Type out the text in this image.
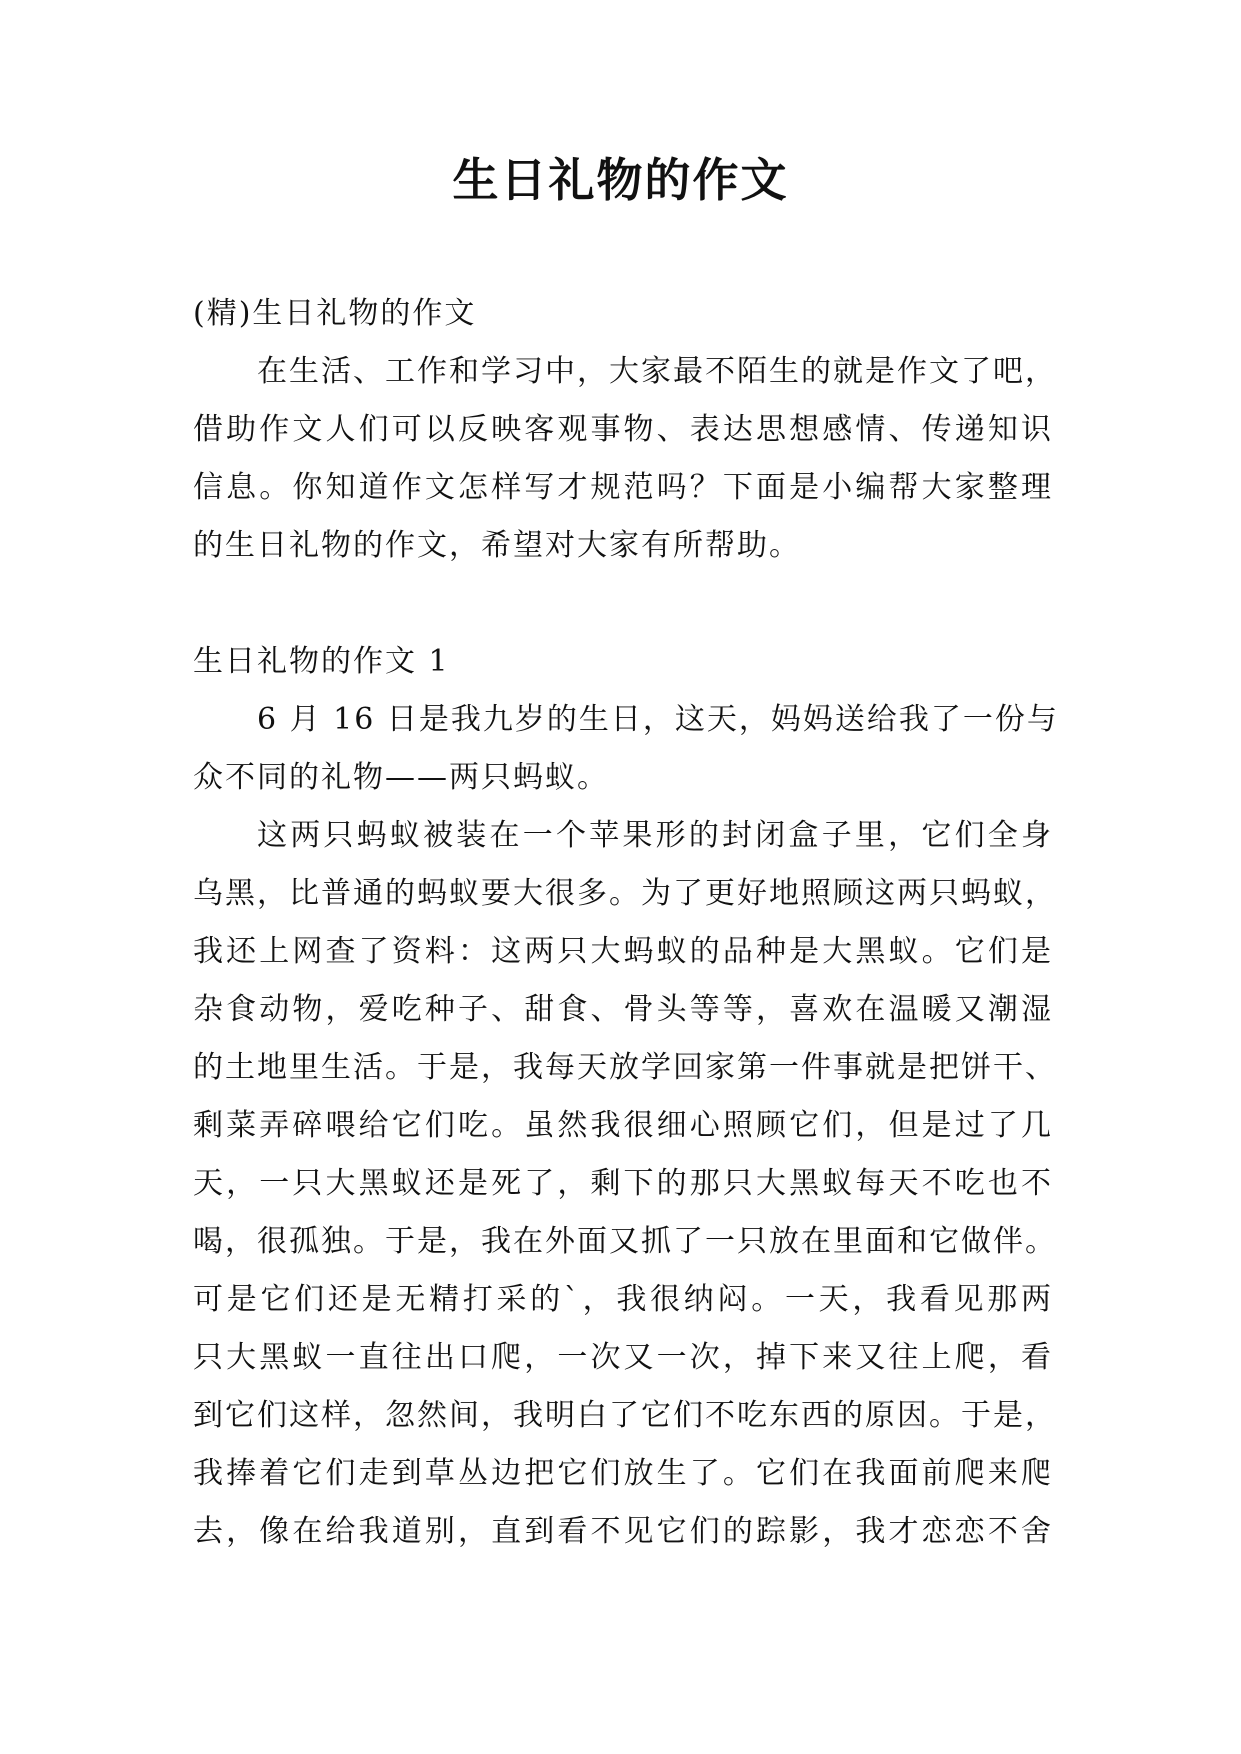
生日礼物的作文

(精)生日礼物的作文

在生活、工作和学习中，大家最不陌生的就是作文了吧，

借助作文人们可以反映客观事物、表达思想感情、传递知识

信息。你知道作文怎样写才规范吗？下面是小编帮大家整理

的生日礼物的作文，希望对大家有所帮助。

生日礼物的作文 1

6 月 16 日是我九岁的生日，这天，妈妈送给我了一份与

众不同的礼物——两只蚂蚁。

这两只蚂蚁被装在一个苹果形的封闭盒子里，它们全身

乌黑，比普通的蚂蚁要大很多。为了更好地照顾这两只蚂蚁，

我还上网查了资料：这两只大蚂蚁的品种是大黑蚁。它们是

杂食动物，爱吃种子、甜食、骨头等等，喜欢在温暖又潮湿

的土地里生活。于是，我每天放学回家第一件事就是把饼干、

剩菜弄碎喂给它们吃。虽然我很细心照顾它们，但是过了几

天，一只大黑蚁还是死了，剩下的那只大黑蚁每天不吃也不

喝，很孤独。于是，我在外面又抓了一只放在里面和它做伴。

可是它们还是无精打采的`，我很纳闷。一天，我看见那两

只大黑蚁一直往出口爬，一次又一次，掉下来又往上爬，看

到它们这样，忽然间，我明白了它们不吃东西的原因。于是，

我捧着它们走到草丛边把它们放生了。它们在我面前爬来爬

去，像在给我道别，直到看不见它们的踪影，我才恋恋不舍
